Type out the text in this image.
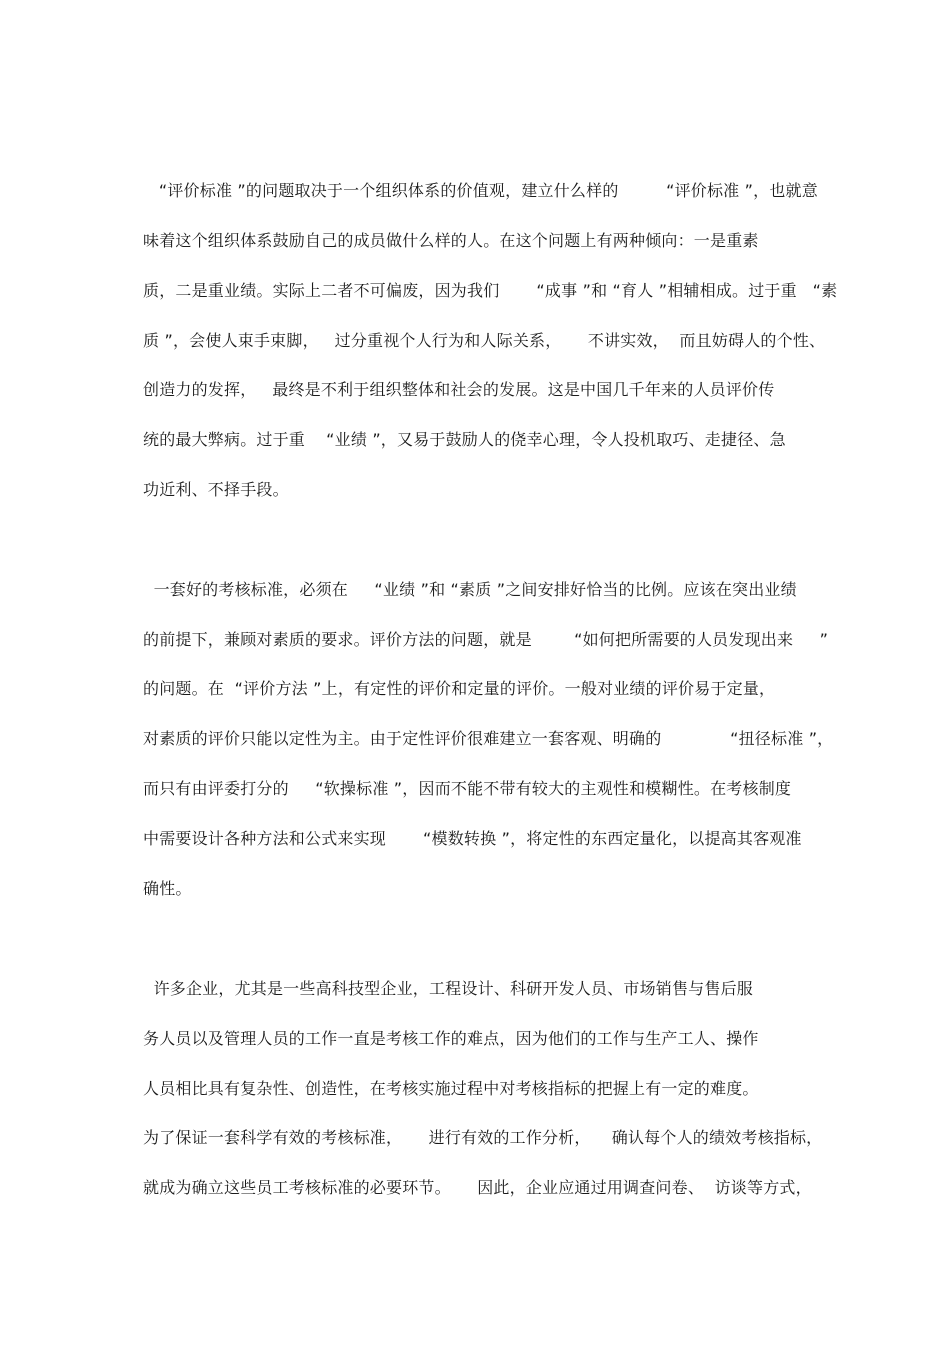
“评价标准 ”的问题取决于一个组织体系的价值观，建立什么样的         “评价标准 ”，也就意
味着这个组织体系鼓励自己的成员做什么样的人。在这个问题上有两种倾向：一是重素
质，二是重业绩。实际上二者不可偏废，因为我们       “成事 ”和 “育人 ”相辅相成。过于重   “素
质 ”，会使人束手束脚，   过分重视个人行为和人际关系，     不讲实效，  而且妨碍人的个性、
创造力的发挥，   最终是不利于组织整体和社会的发展。这是中国几千年来的人员评价传
统的最大弊病。过于重    “业绩 ”，又易于鼓励人的侥幸心理，令人投机取巧、走捷径、急
功近利、不择手段。
一套好的考核标准，必须在     “业绩 ”和 “素质 ”之间安排好恰当的比例。应该在突出业绩
的前提下，兼顾对素质的要求。评价方法的问题，就是        “如何把所需要的人员发现出来     ”
的问题。在  “评价方法 ”上，有定性的评价和定量的评价。一般对业绩的评价易于定量，
对素质的评价只能以定性为主。由于定性评价很难建立一套客观、明确的             “扭径标准 ”，
而只有由评委打分的     “软操标准 ”，因而不能不带有较大的主观性和模糊性。在考核制度
中需要设计各种方法和公式来实现       “模数转换 ”，将定性的东西定量化，以提高其客观准
确性。
许多企业，尤其是一些高科技型企业，工程设计、科研开发人员、市场销售与售后服
务人员以及管理人员的工作一直是考核工作的难点，因为他们的工作与生产工人、操作
人员相比具有复杂性、创造性，在考核实施过程中对考核指标的把握上有一定的难度。
为了保证一套科学有效的考核标准，     进行有效的工作分析，    确认每个人的绩效考核指标，
就成为确立这些员工考核标准的必要环节。     因此，企业应通过用调查问卷、  访谈等方式，
